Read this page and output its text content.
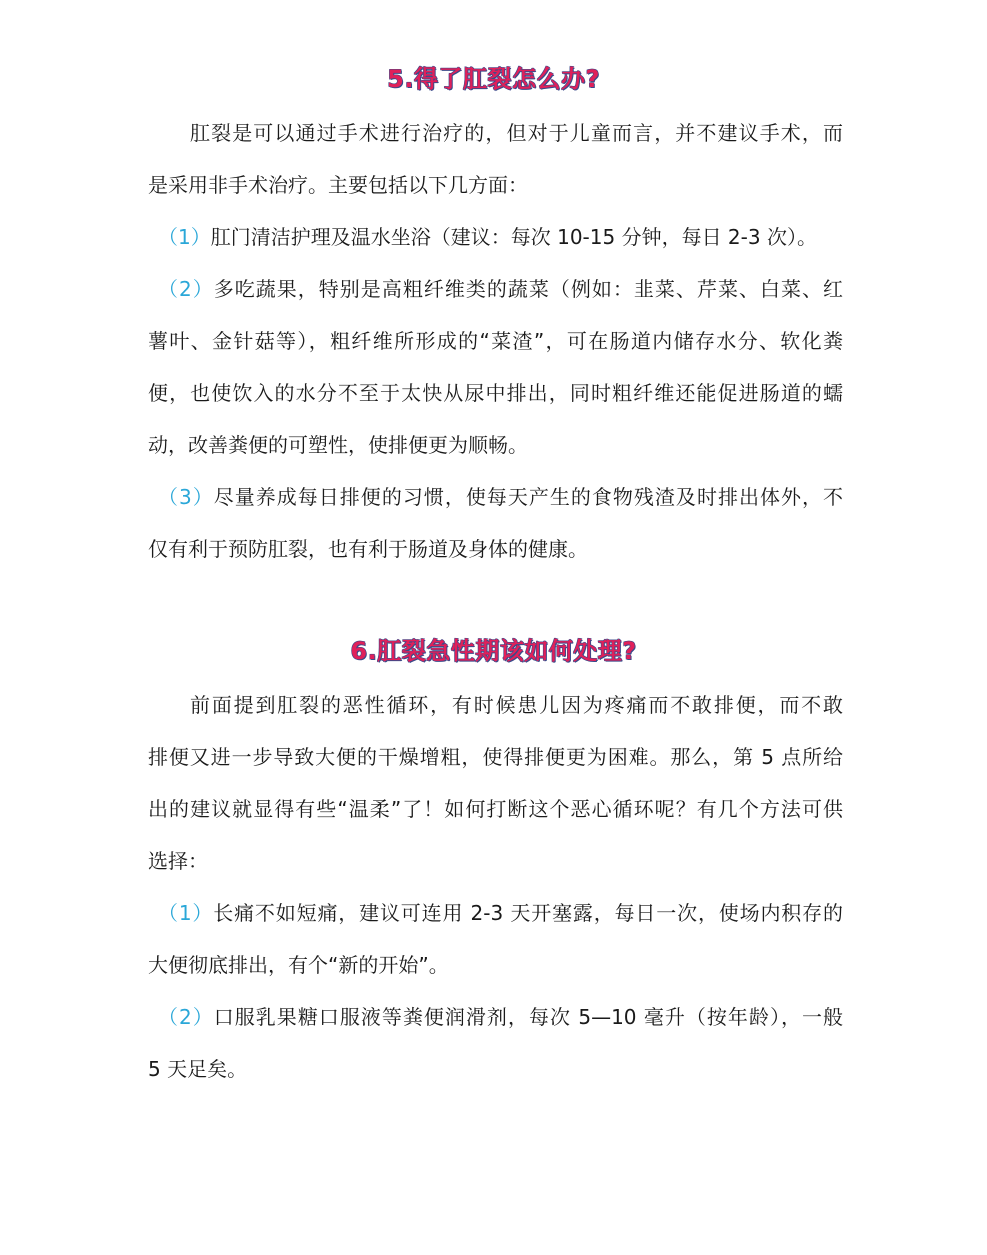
5.得了肛裂怎么办?
肛裂是可以通过手术进行治疗的，但对于儿童而言，并不建议手术，而
是采用非手术治疗。主要包括以下几方面：
（1）肛门清洁护理及温水坐浴（建议：每次 10-15 分钟，每日 2-3 次）。
（2）多吃蔬果，特别是高粗纤维类的蔬菜（例如：韭菜、芹菜、白菜、红
薯叶、金针菇等），粗纤维所形成的“菜渣”，可在肠道内储存水分、软化粪
便，也使饮入的水分不至于太快从尿中排出，同时粗纤维还能促进肠道的蠕
动，改善粪便的可塑性，使排便更为顺畅。
（3）尽量养成每日排便的习惯，使每天产生的食物残渣及时排出体外，不
仅有利于预防肛裂，也有利于肠道及身体的健康。
6.肛裂急性期该如何处理?
前面提到肛裂的恶性循环，有时候患儿因为疼痛而不敢排便，而不敢
排便又进一步导致大便的干燥增粗，使得排便更为困难。那么，第 5 点所给
出的建议就显得有些“温柔”了！如何打断这个恶心循环呢？有几个方法可供
选择：
（1）长痛不如短痛，建议可连用 2-3 天开塞露，每日一次，使场内积存的
大便彻底排出，有个“新的开始”。
（2）口服乳果糖口服液等粪便润滑剂，每次 5—10 毫升（按年龄），一般
5 天足矣。
